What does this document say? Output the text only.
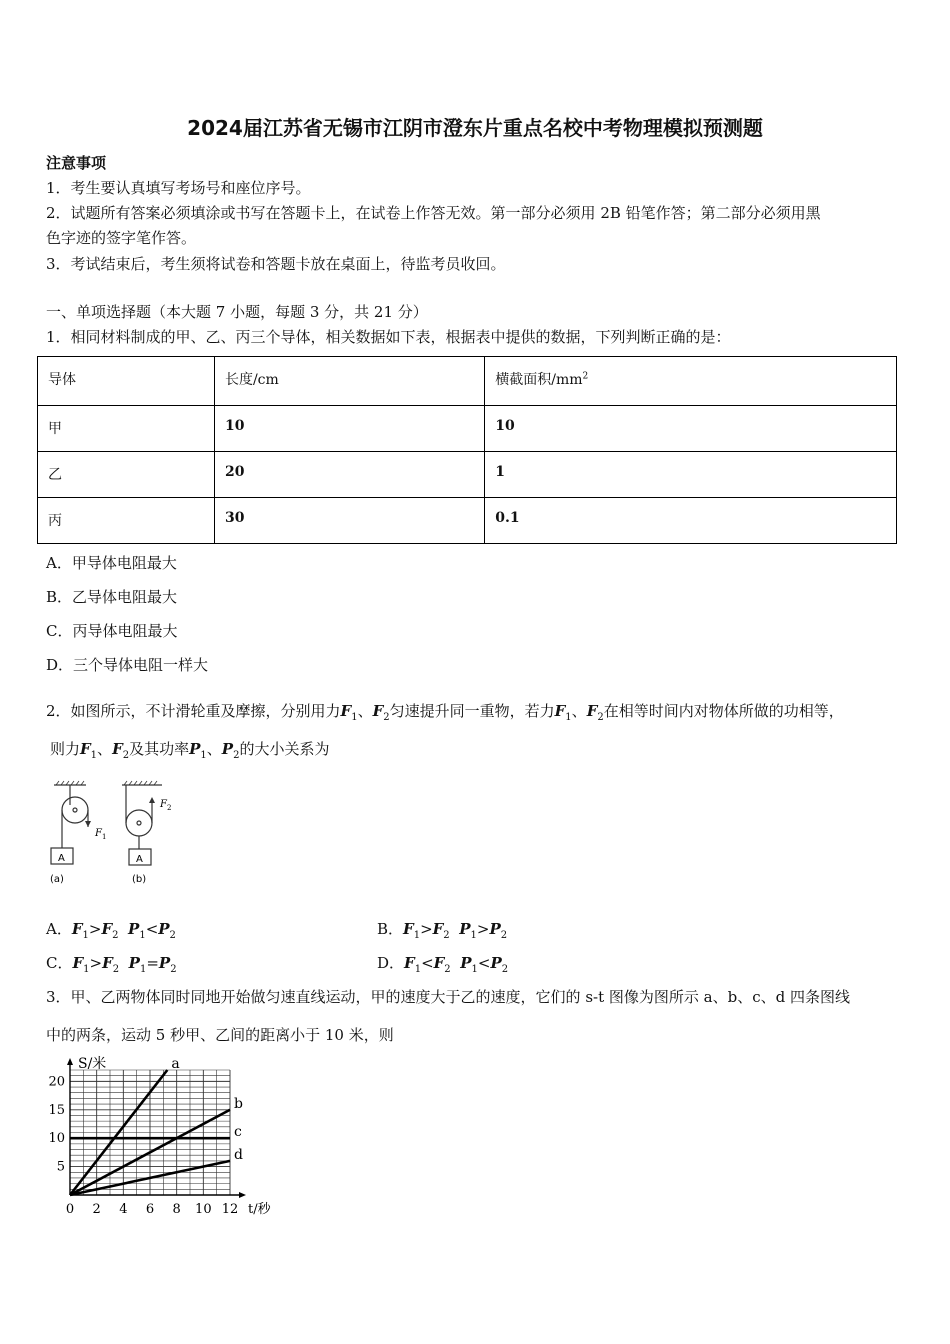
2024届江苏省无锡市江阴市澄东片重点名校中考物理模拟预测题
注意事项
1．考生要认真填写考场号和座位序号。
2．试题所有答案必须填涂或书写在答题卡上，在试卷上作答无效。第一部分必须用 2B 铅笔作答；第二部分必须用黑
色字迹的签字笔作答。
3．考试结束后，考生须将试卷和答题卡放在桌面上，待监考员收回。
一、单项选择题（本大题 7 小题，每题 3 分，共 21 分）
1．相同材料制成的甲、乙、丙三个导体，相关数据如下表，根据表中提供的数据，下列判断正确的是：
导体	长度/cm	横截面积$/mm^2$
甲	10	10
乙	20	1
丙	30	0.1
A．甲导体电阻最大
B．乙导体电阻最大
C．丙导体电阻最大
D．三个导体电阻一样大
2．如图所示，不计滑轮重及摩擦，分别用力$F_1$、$F_2$匀速提升同一重物，若力$F_1$、$F_2$在相等时间内对物体所做的功相等，
则力$F_1$、$F_2$及其功率$P_1$、$P_2$的大小关系为
F 1
F 2
A	A
(a)	(b)
A．$F_1>F_2$ $P_1<P_2$	B．$F_1>F_2$ $P_1>P_2$
C．$F_1>F_2$ $P_1=P_2$	D．$F_1<F_2$ $P_1<P_2$
3．甲、乙两物体同时同地开始做匀速直线运动，甲的速度大于乙的速度，它们的 s-t 图像为图所示 a、b、c、d 四条图线
中的两条，运动 5 秒甲、乙间的距离小于 10 米，则
0 2 4 6 8 10 12
5
10
15
20
t/秒
S/米	a
b
c
d
